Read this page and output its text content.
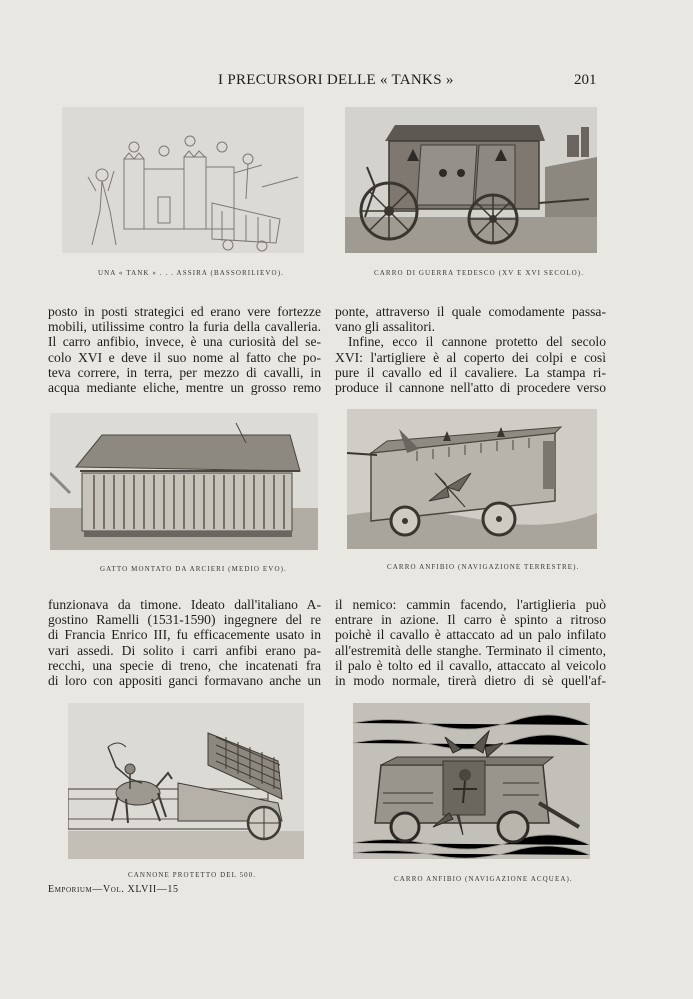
I PRECURSORI DELLE « TANKS »	201
UNA « TANK » . . . ASSIRA (BASSORILIEVO).	CARRO DI GUERRA TEDESCO (XV E XVI SECOLO).
posto in posti strategici ed erano vere fortezze
mobili, utilissime contro la furia della cavalleria.
Il carro anfibio, invece, è una curiosità del se-
colo XVI e deve il suo nome al fatto che po-
teva correre, in terra, per mezzo di cavalli, in
acqua mediante eliche, mentre un grosso remo
ponte, attraverso il quale comodamente passa-
vano gli assalitori.
Infine, ecco il cannone protetto del secolo
XVI: l'artigliere è al coperto dei colpi e così
pure il cavallo ed il cavaliere. La stampa ri-
produce il cannone nell'atto di procedere verso
GATTO MONTATO DA ARCIERI (MEDIO EVO).	CARRO ANFIBIO (NAVIGAZIONE TERRESTRE).
funzionava da timone. Ideato dall'italiano A-
gostino Ramelli (1531-1590) ingegnere del re
di Francia Enrico III, fu efficacemente usato in
vari assedi. Di solito i carri anfibi erano pa-
recchi, una specie di treno, che incatenati fra
di loro con appositi ganci formavano anche un
il nemico: cammin facendo, l'artiglieria può
entrare in azione. Il carro è spinto a ritroso
poichè il cavallo è attaccato ad un palo infilato
all'estremità delle stanghe. Terminato il cimento,
il palo è tolto ed il cavallo, attaccato al veicolo
in modo normale, tirerà dietro di sè quell'af-
CANNONE PROTETTO DEL 500.	CARRO ANFIBIO (NAVIGAZIONE ACQUEA).
Emporium—Vol. XLVII—15
